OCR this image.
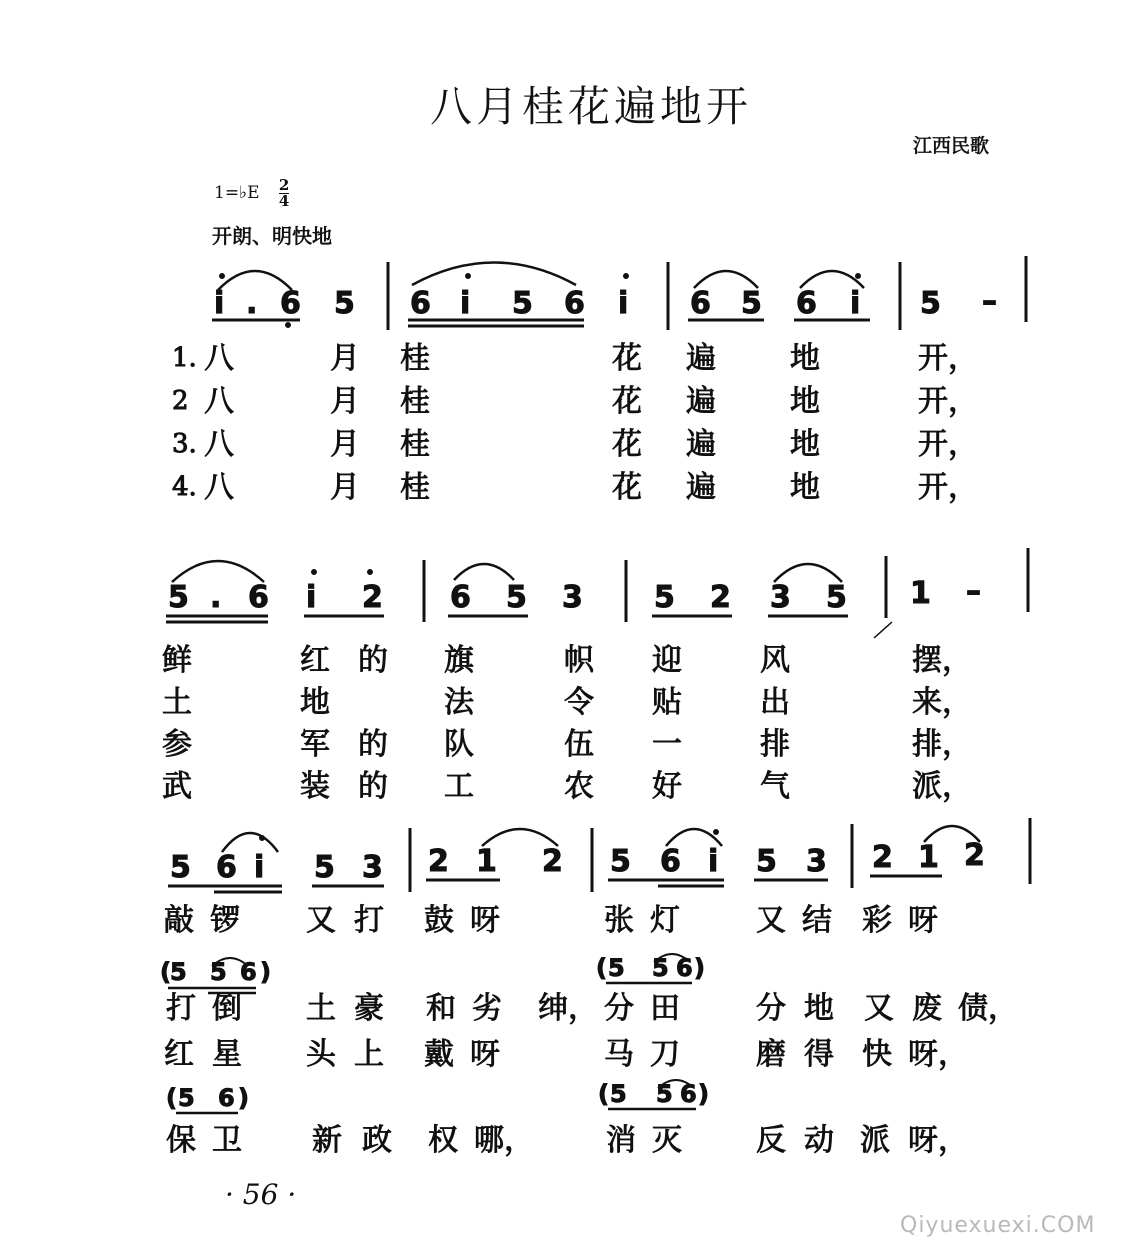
八月桂花遍地开
江西民歌
1=♭E $\frac{2}{4}$
开朗、明快地
i . 6 5 6 i 5 6 i 6 5 6 i 5 –
1.
2
3.
4.
八	月 桂	花 遍 地	开，
八	月 桂	花 遍 地	开，
八	月 桂	花 遍 地	开，
八	月 桂	花 遍 地	开，
5 . 6 i 2 6 5 3 5 2 3 5 1 –
鲜	红 的 旗	帜 迎	风	摆，
土	地	法	令 贴	出	来，
参	军 的 队	伍 一	排	排，
武	装 的 工	农 好	气	派，
5 6 i 5 3 2 1 2 5 6 i 5 3 2 1 2
( 5 5 6 )	( 5 5 6 )
( 5 6 )	( 5 5 6 )
敲 锣 又 打 鼓 呀	张 灯	又 结 彩 呀
打 倒 土 豪 和 劣 绅， 分 田	分 地 又 废 债，
红 星 头 上 戴 呀	马 刀	磨 得 快 呀，
保 卫 新 政 权 哪， 消 灭 反 动 派 呀，
· 56 ·
Qiyuexuexi.COM
